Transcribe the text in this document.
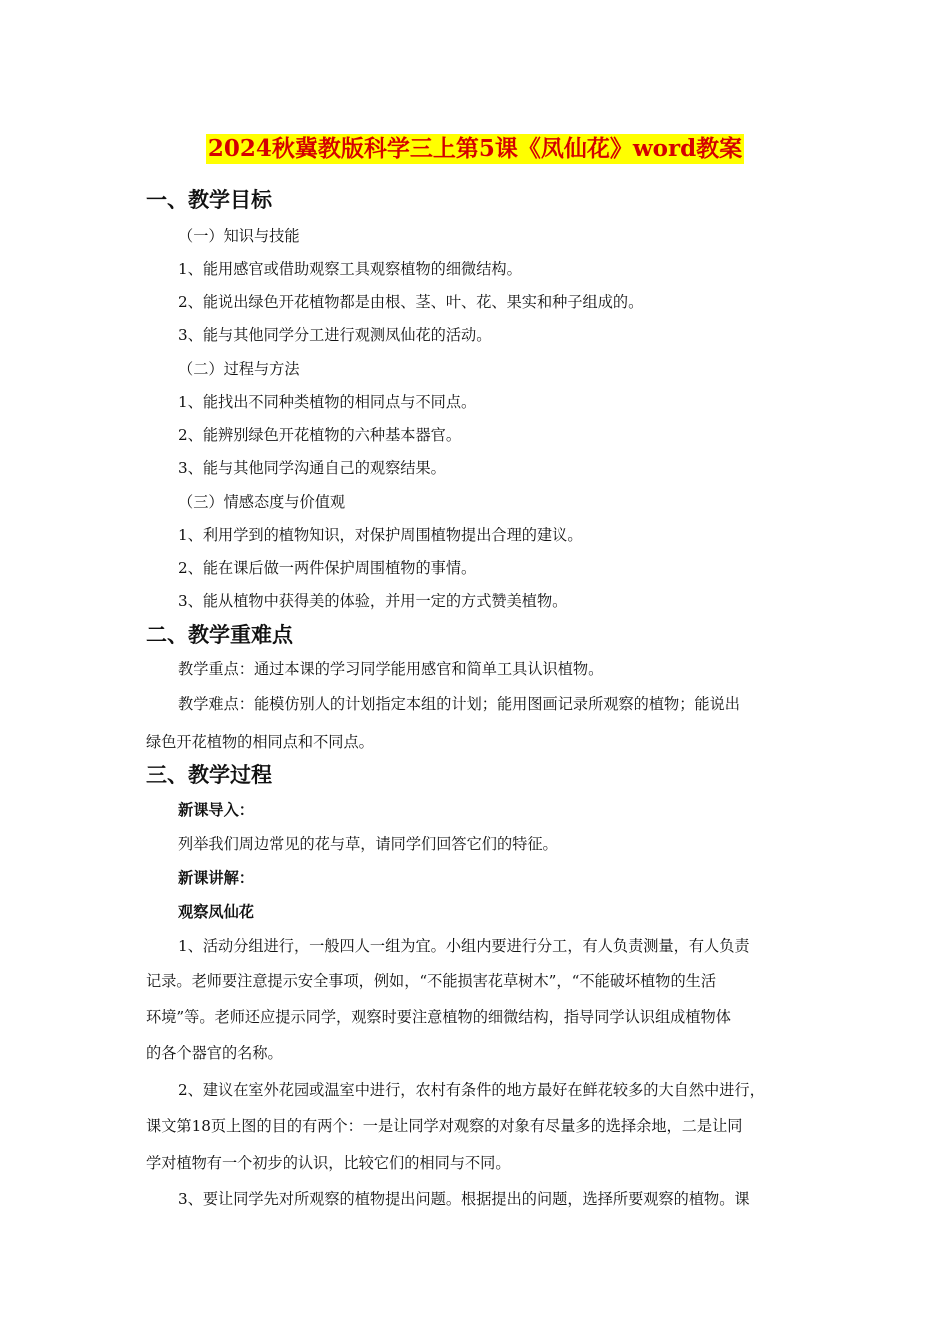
2024秋冀教版科学三上第5课《凤仙花》word教案
一、教学目标
（一）知识与技能
1、能用感官或借助观察工具观察植物的细微结构。
2、能说出绿色开花植物都是由根、茎、叶、花、果实和种子组成的。
3、能与其他同学分工进行观测凤仙花的活动。
（二）过程与方法
1、能找出不同种类植物的相同点与不同点。
2、能辨别绿色开花植物的六种基本器官。
3、能与其他同学沟通自己的观察结果。
（三）情感态度与价值观
1、利用学到的植物知识，对保护周围植物提出合理的建议。
2、能在课后做一两件保护周围植物的事情。
3、能从植物中获得美的体验，并用一定的方式赞美植物。
二、教学重难点
教学重点：通过本课的学习同学能用感官和简单工具认识植物。
教学难点：能模仿别人的计划指定本组的计划；能用图画记录所观察的植物；能说出
绿色开花植物的相同点和不同点。
三、教学过程
新课导入：
列举我们周边常见的花与草，请同学们回答它们的特征。
新课讲解：
观察凤仙花
1、活动分组进行，一般四人一组为宜。小组内要进行分工，有人负责测量，有人负责
记录。老师要注意提示安全事项，例如，“不能损害花草树木”，“不能破坏植物的生活
环境”等。老师还应提示同学，观察时要注意植物的细微结构，指导同学认识组成植物体
的各个器官的名称。
2、建议在室外花园或温室中进行，农村有条件的地方最好在鲜花较多的大自然中进行，
课文第18页上图的目的有两个：一是让同学对观察的对象有尽量多的选择余地，二是让同
学对植物有一个初步的认识，比较它们的相同与不同。
3、要让同学先对所观察的植物提出问题。根据提出的问题，选择所要观察的植物。课
